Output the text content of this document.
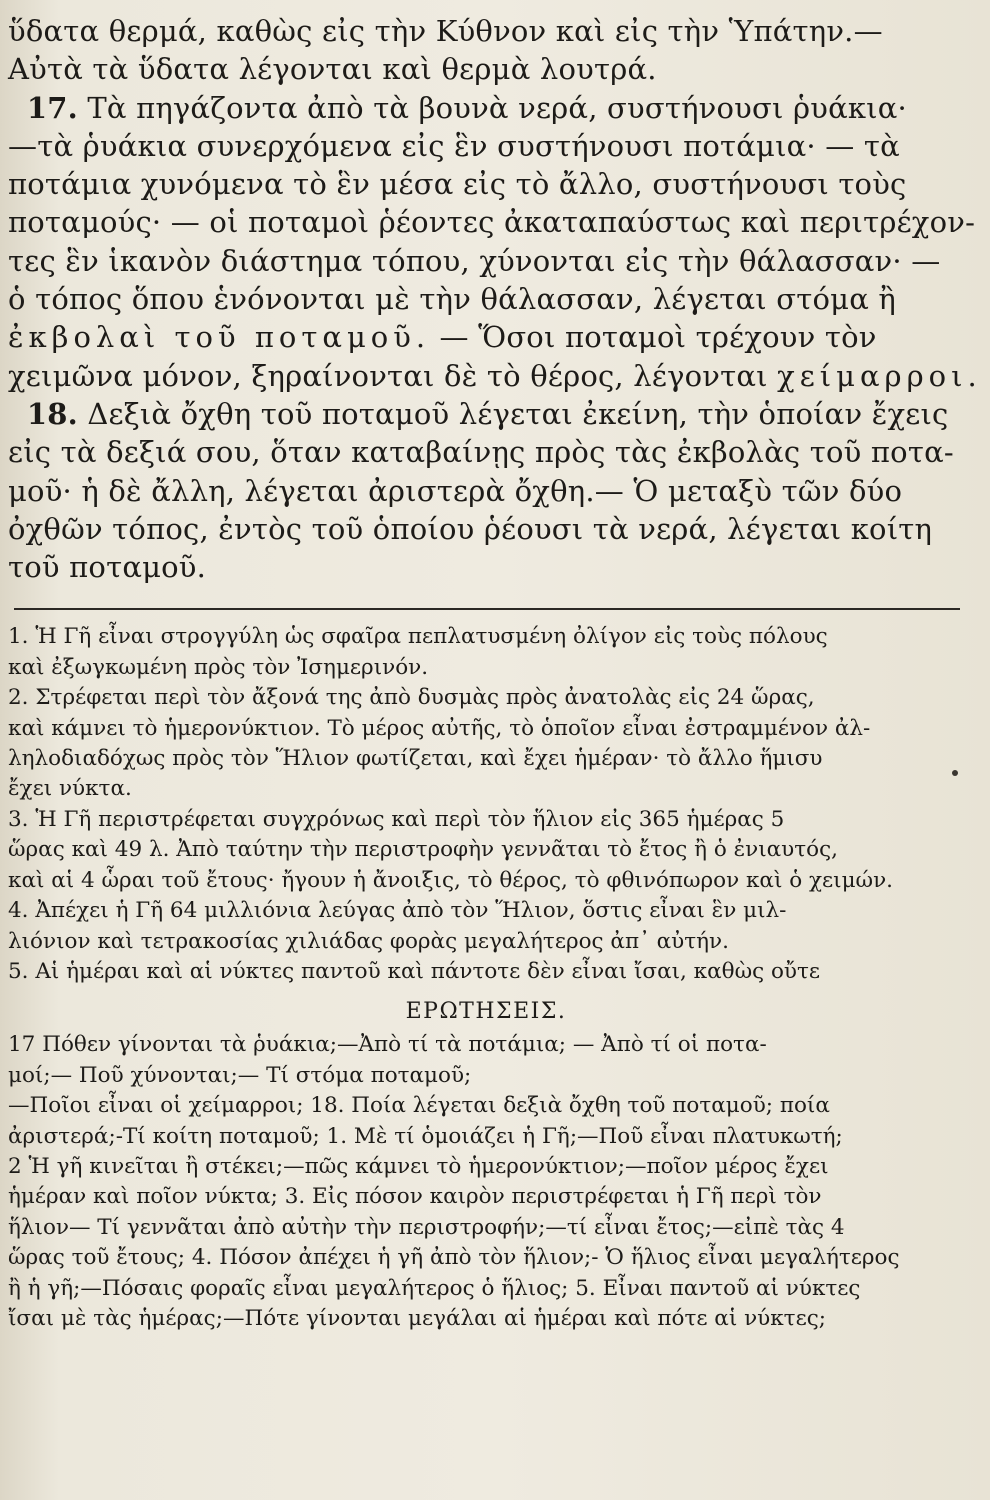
ὕδατα θερμά, καθὼς εἰς τὴν Κύθνον καὶ εἰς τὴν Ὑπάτην.—
Αὐτὰ τὰ ὕδατα λέγονται καὶ θερμὰ λουτρά.

17. Τὰ πηγάζοντα ἀπὸ τὰ βουνὰ νερά, συστήνουσι ῥυάκια·
—τὰ ῥυάκια συνερχόμενα εἰς ἓν συστήνουσι ποτάμια· — τὰ
ποτάμια χυνόμενα τὸ ἓν μέσα εἰς τὸ ἄλλο, συστήνουσι τοὺς
ποταμούς· — οἱ ποταμοὶ ῥέοντες ἀκαταπαύστως καὶ περιτρέχον-
τες ἓν ἱκανὸν διάστημα τόπου, χύνονται εἰς τὴν θάλασσαν· —
ὁ τόπος ὅπου ἑνόνονται μὲ τὴν θάλασσαν, λέγεται στόμα ἢ
ἐκβολαὶ τοῦ ποταμοῦ. — Ὅσοι ποταμοὶ τρέχουν τὸν
χειμῶνα μόνον, ξηραίνονται δὲ τὸ θέρος, λέγονται χείμαρροι.

18. Δεξιὰ ὄχθη τοῦ ποταμοῦ λέγεται ἐκείνη, τὴν ὁποίαν ἔχεις
εἰς τὰ δεξιά σου, ὅταν καταβαίνῃς πρὸς τὰς ἐκβολὰς τοῦ ποτα-
μοῦ· ἡ δὲ ἄλλη, λέγεται ἀριστερὰ ὄχθη.— Ὁ μεταξὺ τῶν δύο
ὀχθῶν τόπος, ἐντὸς τοῦ ὁποίου ῥέουσι τὰ νερά, λέγεται κοίτη
τοῦ ποταμοῦ.

1. Ἡ Γῆ εἶναι στρογγύλη ὡς σφαῖρα πεπλατυσμένη ὀλίγον εἰς τοὺς πόλους
καὶ ἐξωγκωμένη πρὸς τὸν Ἰσημερινόν.

2. Στρέφεται περὶ τὸν ἄξονά της ἀπὸ δυσμὰς πρὸς ἀνατολὰς εἰς 24 ὥρας,
καὶ κάμνει τὸ ἡμερονύκτιον. Τὸ μέρος αὐτῆς, τὸ ὁποῖον εἶναι ἐστραμμένον ἀλ-
ληλοδιαδόχως πρὸς τὸν Ἥλιον φωτίζεται, καὶ ἔχει ἡμέραν· τὸ ἄλλο ἥμισυ
ἔχει νύκτα.

3. Ἡ Γῆ περιστρέφεται συγχρόνως καὶ περὶ τὸν ἥλιον εἰς 365 ἡμέρας 5
ὥρας καὶ 49 λ. Ἀπὸ ταύτην τὴν περιστροφὴν γεννᾶται τὸ ἔτος ἢ ὁ ἐνιαυτός,
καὶ αἱ 4 ὧραι τοῦ ἔτους· ἤγουν ἡ ἄνοιξις, τὸ θέρος, τὸ φθινόπωρον καὶ ὁ χειμών.

4. Ἀπέχει ἡ Γῆ 64 μιλλιόνια λεύγας ἀπὸ τὸν Ἥλιον, ὅστις εἶναι ἓν μιλ-
λιόνιον καὶ τετρακοσίας χιλιάδας φορὰς μεγαλήτερος ἀπ᾽ αὐτήν.

5. Αἱ ἡμέραι καὶ αἱ νύκτες παντοῦ καὶ πάντοτε δὲν εἶναι ἴσαι, καθὼς οὔτε

ΕΡΩΤΗΣΕΙΣ.

17 Πόθεν γίνονται τὰ ῥυάκια;—Ἀπὸ τί τὰ ποτάμια; — Ἀπὸ τί οἱ ποτα-
μοί;— Ποῦ χύνονται;— Τί στόμα ποταμοῦ;
—Ποῖοι εἶναι οἱ χείμαρροι; 18. Ποία λέγεται δεξιὰ ὄχθη τοῦ ποταμοῦ; ποία
ἀριστερά;-Τί κοίτη ποταμοῦ; 1. Μὲ τί ὁμοιάζει ἡ Γῆ;—Ποῦ εἶναι πλατυκωτή;
2 Ἡ γῆ κινεῖται ἢ στέκει;—πῶς κάμνει τὸ ἡμερονύκτιον;—ποῖον μέρος ἔχει
ἡμέραν καὶ ποῖον νύκτα; 3. Εἰς πόσον καιρὸν περιστρέφεται ἡ Γῆ περὶ τὸν
ἥλιον— Τί γεννᾶται ἀπὸ αὐτὴν τὴν περιστροφήν;—τί εἶναι ἔτος;—εἰπὲ τὰς 4
ὥρας τοῦ ἔτους; 4. Πόσον ἀπέχει ἡ γῆ ἀπὸ τὸν ἥλιον;- Ὁ ἥλιος εἶναι μεγαλήτερος
ἢ ἡ γῆ;—Πόσαις φοραῖς εἶναι μεγαλήτερος ὁ ἥλιος; 5. Εἶναι παντοῦ αἱ νύκτες
ἴσαι μὲ τὰς ἡμέρας;—Πότε γίνονται μεγάλαι αἱ ἡμέραι καὶ πότε αἱ νύκτες;
